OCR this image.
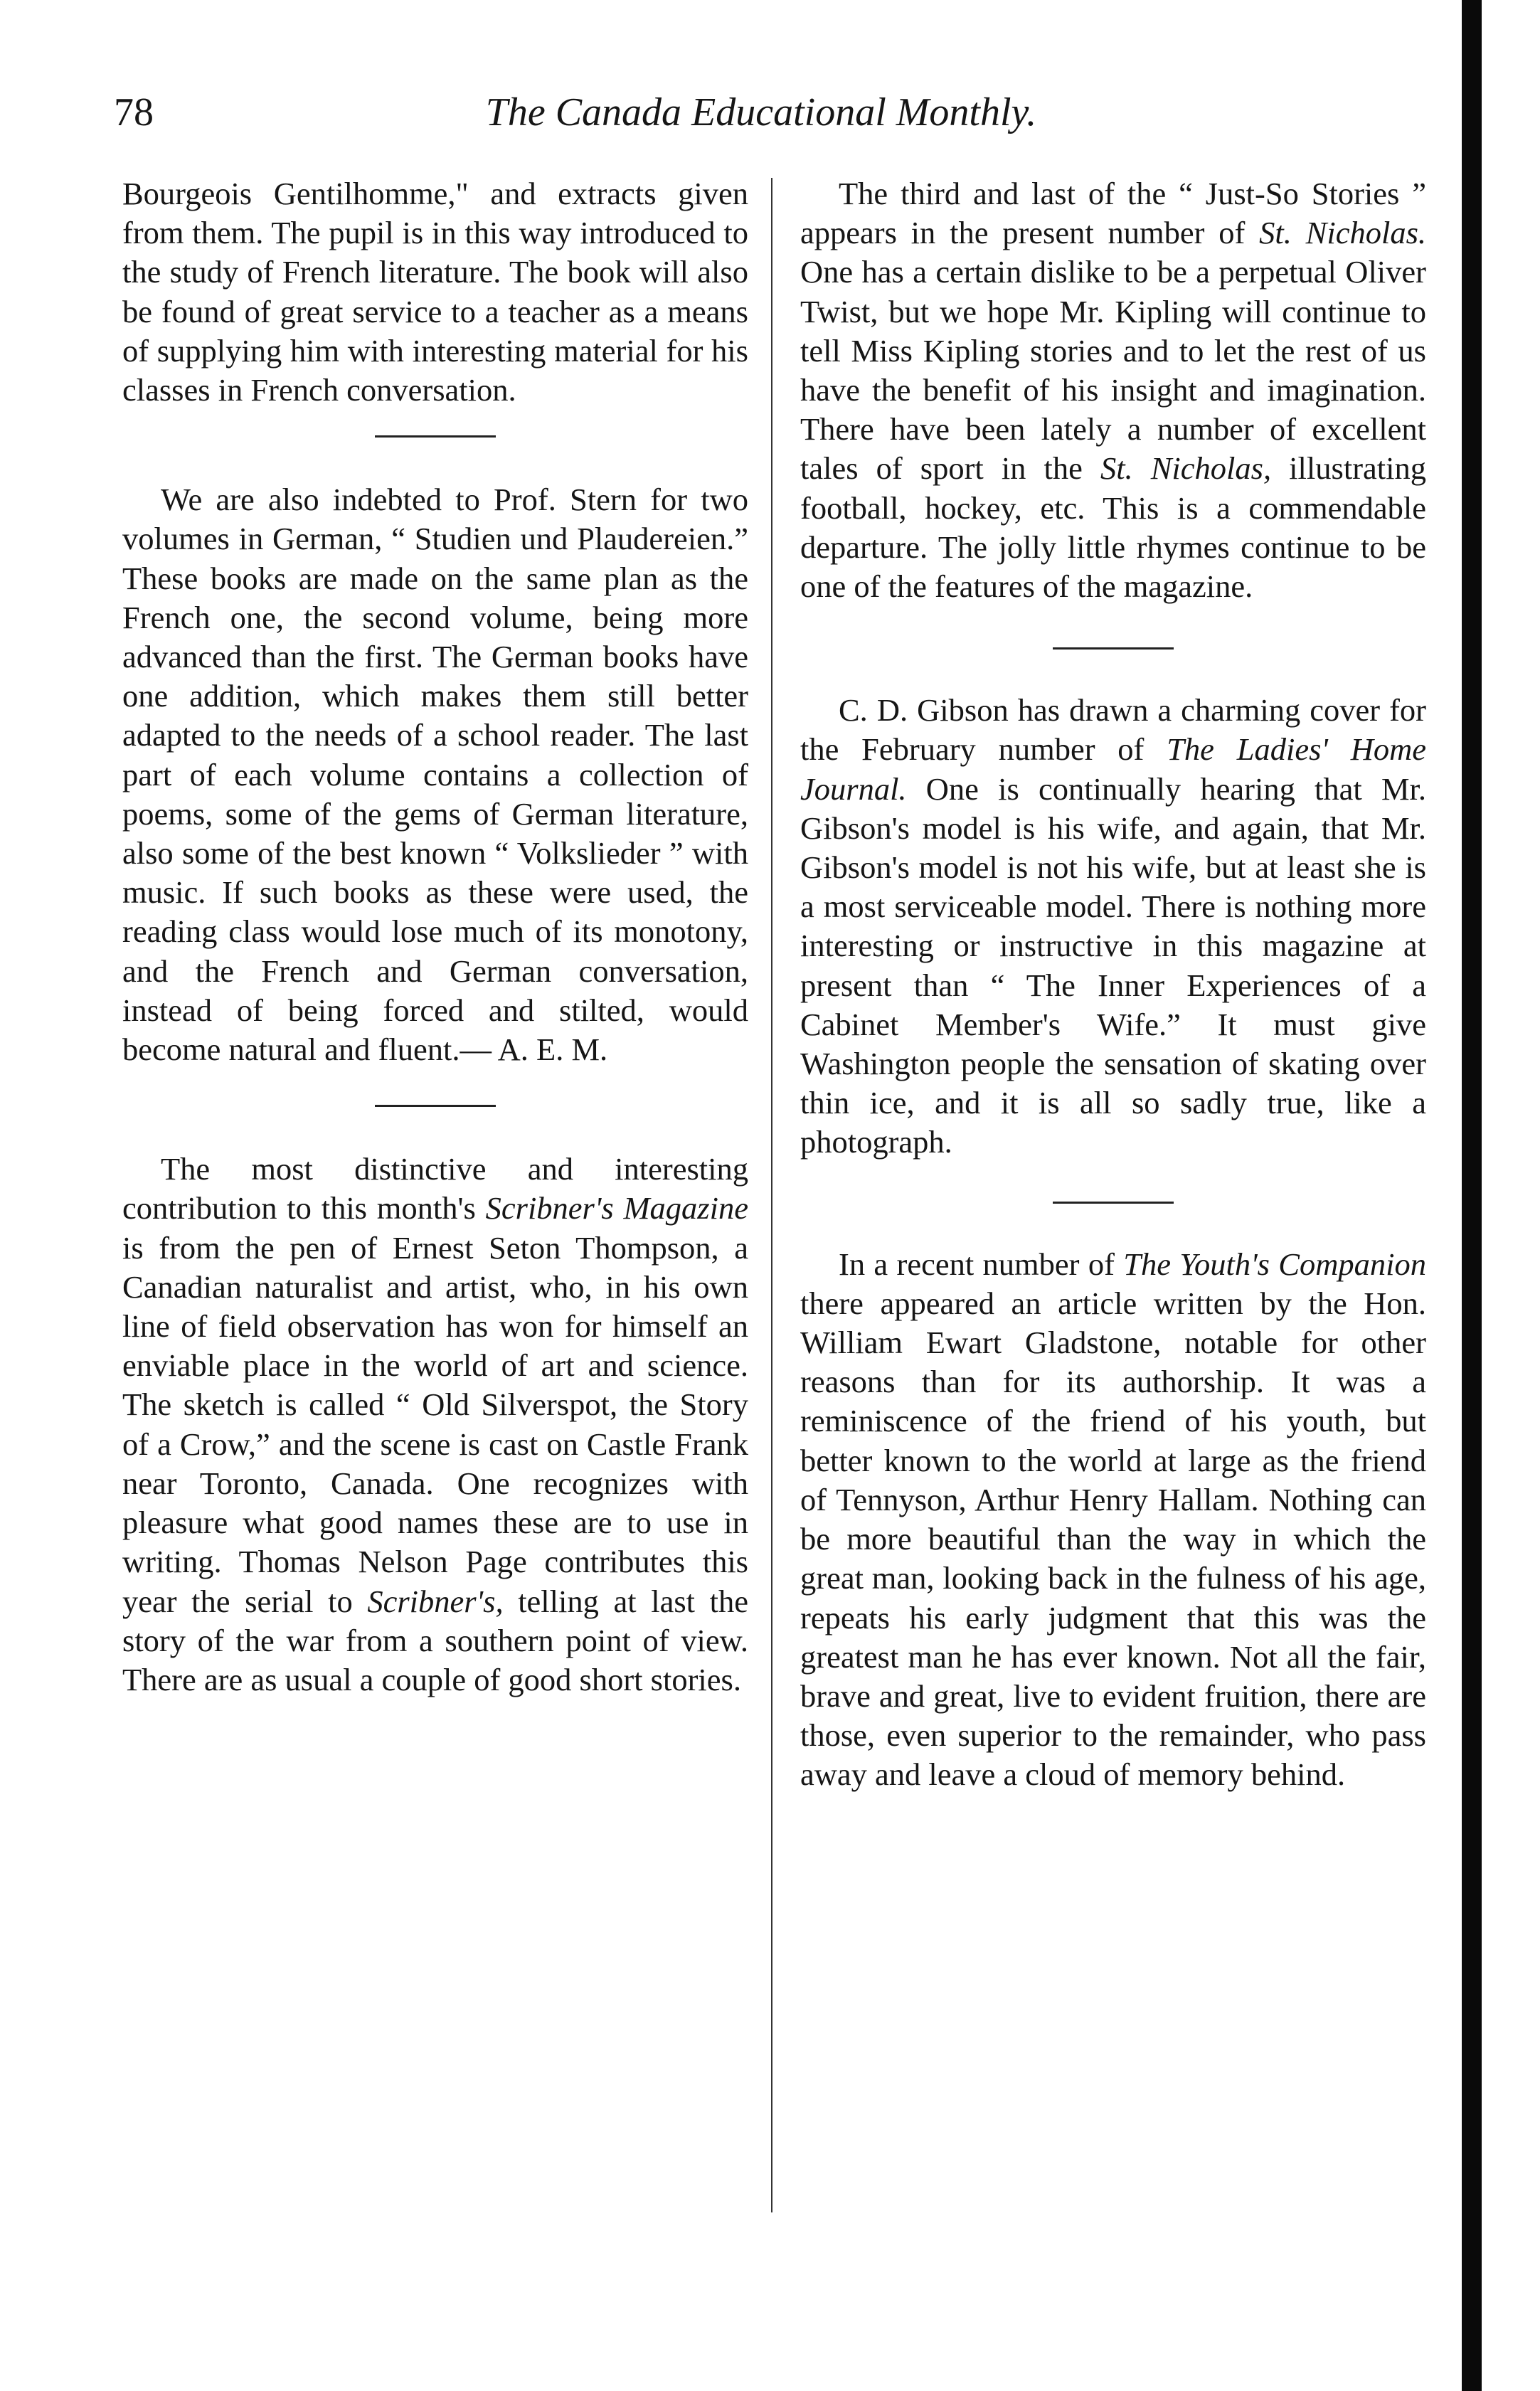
78	The Canada Educational Monthly.

Bourgeois Gentilhomme," and extracts given from them. The pupil is in this way introduced to the study of French literature. The book will also be found of great service to a teacher as a means of supplying him with interesting material for his classes in French conversation.

We are also indebted to Prof. Stern for two volumes in German, “ Studien und Plaudereien.” These books are made on the same plan as the French one, the second volume, being more advanced than the first. The German books have one addition, which makes them still better adapted to the needs of a school reader. The last part of each volume contains a collection of poems, some of the gems of German literature, also some of the best known “ Volkslieder ” with music. If such books as these were used, the reading class would lose much of its monotony, and the French and German conversation, instead of being forced and stilted, would become natural and fluent.— A. E. M.

The most distinctive and interesting contribution to this month's Scribner's Magazine is from the pen of Ernest Seton Thompson, a Canadian naturalist and artist, who, in his own line of field observation has won for himself an enviable place in the world of art and science. The sketch is called “ Old Silverspot, the Story of a Crow,” and the scene is cast on Castle Frank near Toronto, Canada. One recognizes with pleasure what good names these are to use in writing. Thomas Nelson Page contributes this year the serial to Scribner's, telling at last the story of the war from a southern point of view. There are as usual a couple of good short stories.

The third and last of the “ Just-So Stories ” appears in the present number of St. Nicholas. One has a certain dislike to be a perpetual Oliver Twist, but we hope Mr. Kipling will continue to tell Miss Kipling stories and to let the rest of us have the benefit of his insight and imagination. There have been lately a number of excellent tales of sport in the St. Nicholas, illustrating football, hockey, etc. This is a commendable departure. The jolly little rhymes continue to be one of the features of the magazine.

C. D. Gibson has drawn a charming cover for the February number of The Ladies' Home Journal. One is continually hearing that Mr. Gibson's model is his wife, and again, that Mr. Gibson's model is not his wife, but at least she is a most serviceable model. There is nothing more interesting or instructive in this magazine at present than “ The Inner Experiences of a Cabinet Member's Wife.” It must give Washington people the sensation of skating over thin ice, and it is all so sadly true, like a photograph.

In a recent number of The Youth's Companion there appeared an article written by the Hon. William Ewart Gladstone, notable for other reasons than for its authorship. It was a reminiscence of the friend of his youth, but better known to the world at large as the friend of Tennyson, Arthur Henry Hallam. Nothing can be more beautiful than the way in which the great man, looking back in the fulness of his age, repeats his early judgment that this was the greatest man he has ever known. Not all the fair, brave and great, live to evident fruition, there are those, even superior to the remainder, who pass away and leave a cloud of memory behind.
